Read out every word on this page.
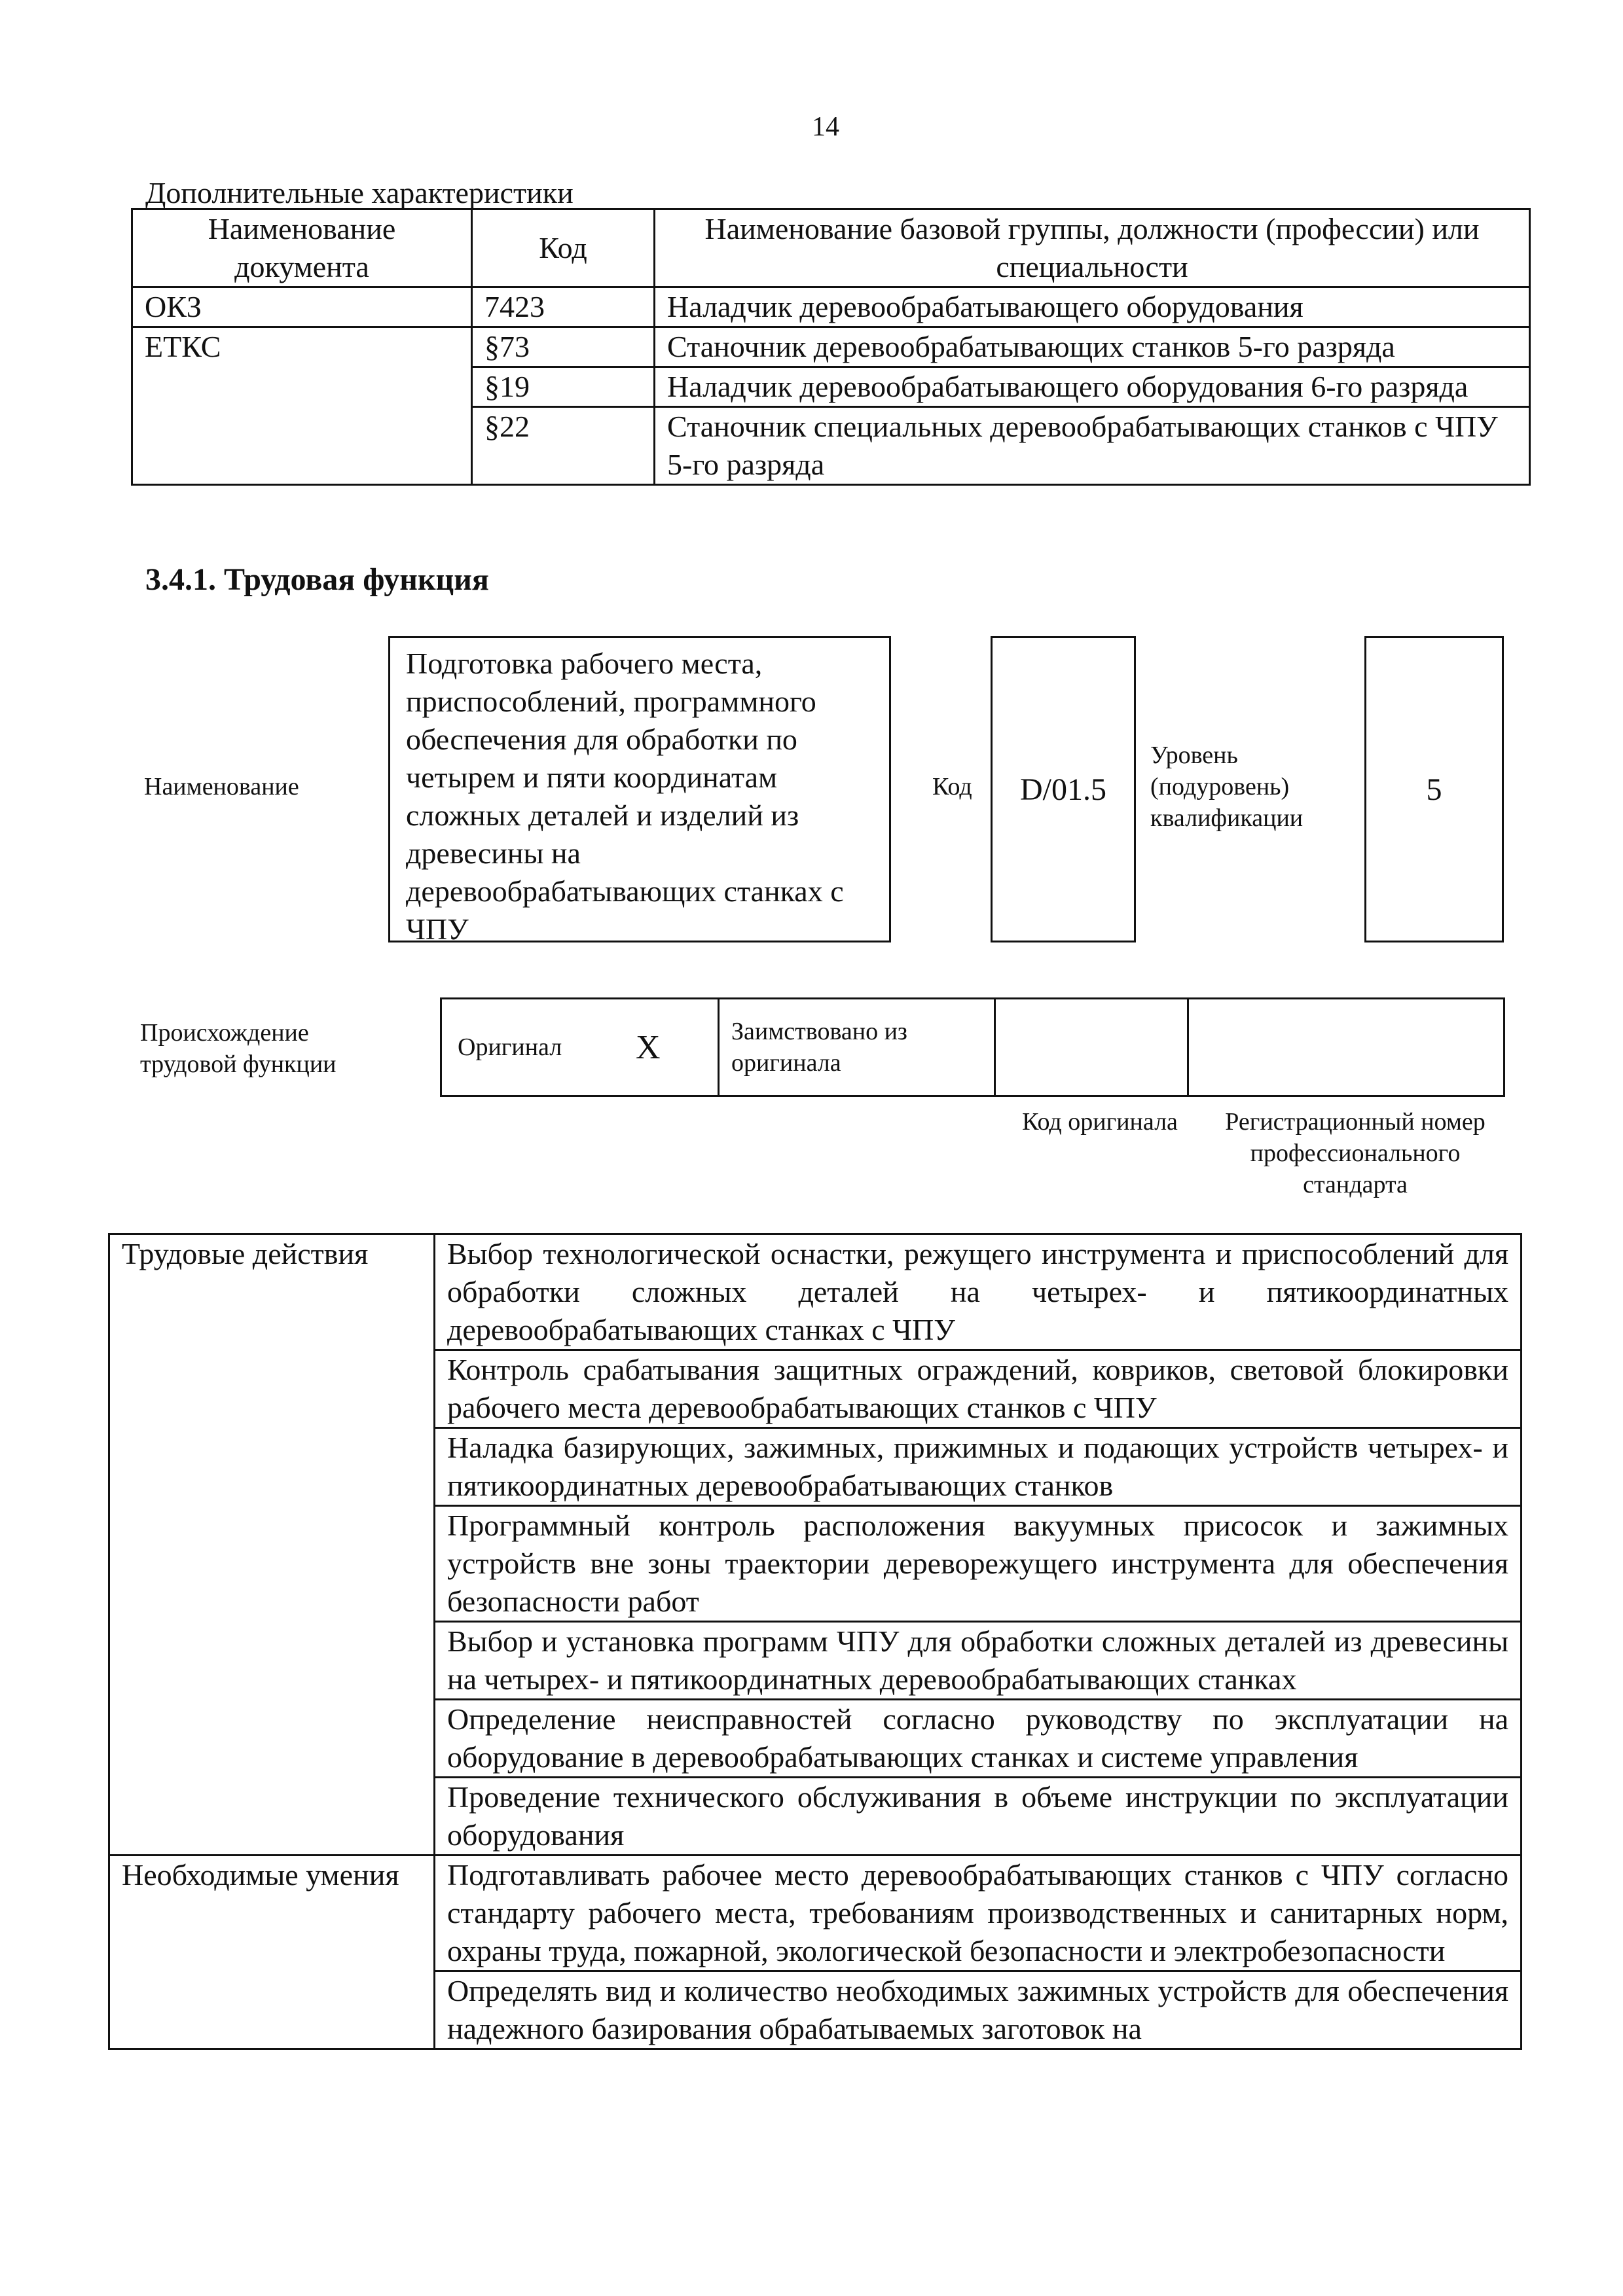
14
Дополнительные характеристики
Наименование документа	Код	Наименование базовой группы, должности (профессии) или специальности
ОКЗ	7423	Наладчик деревообрабатывающего оборудования
ЕТКС	§73	Станочник деревообрабатывающих станков 5-го разряда
	§19	Наладчик деревообрабатывающего оборудования 6-го разряда
	§22	Станочник специальных деревообрабатывающих станков с ЧПУ 5-го разряда
3.4.1. Трудовая функция
Наименование
Подготовка рабочего места, приспособлений, программного обеспечения для обработки по четырем и пяти координатам сложных деталей и изделий из древесины на деревообрабатывающих станках с ЧПУ
Код D/01.5
Уровень (подуровень) квалификации
5
Происхождение трудовой функции
Оригинал	X	Заимствовано из оригинала		
Код оригинала	Регистрационный номер профессионального стандарта
Трудовые действия	Выбор технологической оснастки, режущего инструмента и приспособлений для обработки сложных деталей на четырех- и пятикоординатных деревообрабатывающих станках с ЧПУ
	Контроль срабатывания защитных ограждений, ковриков, световой блокировки рабочего места деревообрабатывающих станков с ЧПУ
	Наладка базирующих, зажимных, прижимных и подающих устройств четырех- и пятикоординатных деревообрабатывающих станков
	Программный контроль расположения вакуумных присосок и зажимных устройств вне зоны траектории дереворежущего инструмента для обеспечения безопасности работ
	Выбор и установка программ ЧПУ для обработки сложных деталей из древесины на четырех- и пятикоординатных деревообрабатывающих станках
	Определение неисправностей согласно руководству по эксплуатации на оборудование в деревообрабатывающих станках и системе управления
	Проведение технического обслуживания в объеме инструкции по эксплуатации оборудования
Необходимые умения	Подготавливать рабочее место деревообрабатывающих станков с ЧПУ согласно стандарту рабочего места, требованиям производственных и санитарных норм, охраны труда, пожарной, экологической безопасности и электробезопасности
	Определять вид и количество необходимых зажимных устройств для обеспечения надежного базирования обрабатываемых заготовок на
